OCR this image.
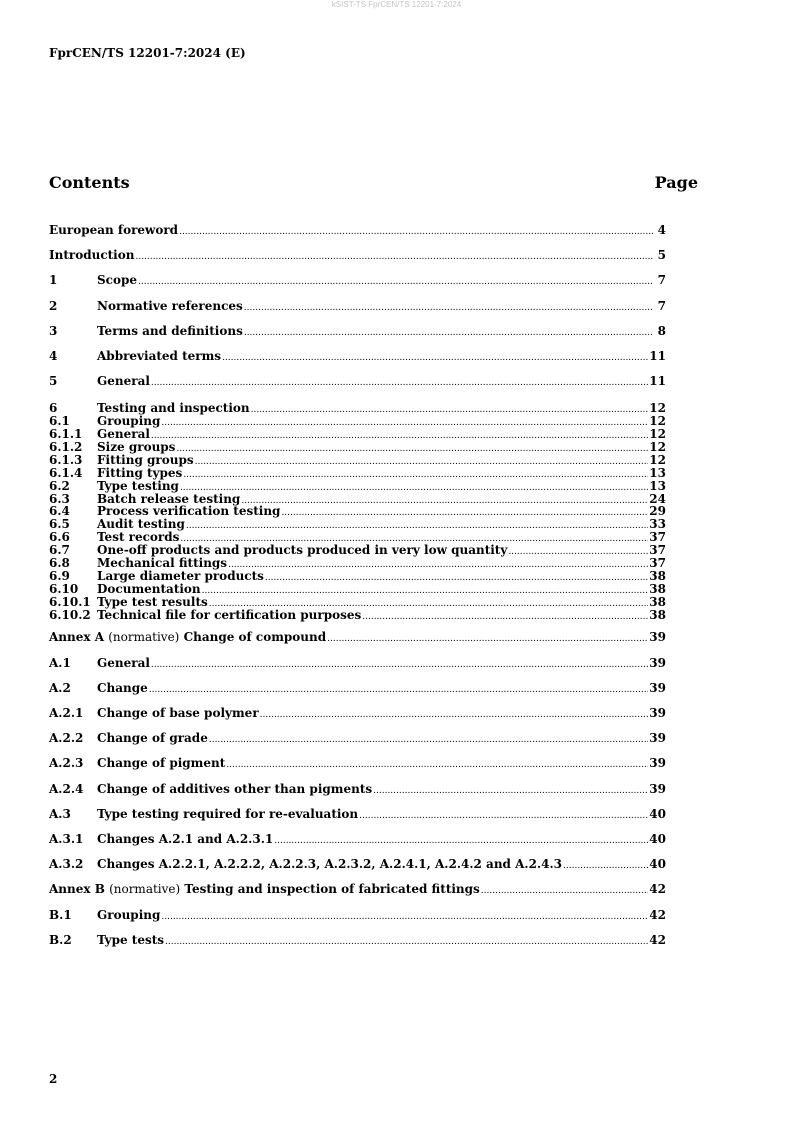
kSIST-TS FprCEN/TS 12201-7:2024
FprCEN/TS 12201-7:2024 (E)
Contents	Page
European foreword .....	4
Introduction .....	5
1	Scope .....	7
2	Normative references .....	7
3	Terms and definitions .....	8
4	Abbreviated terms .....	11
5	General .....	11
6	Testing and inspection .....	12
6.1	Grouping .....	12
6.1.1	General .....	12
6.1.2	Size groups .....	12
6.1.3	Fitting groups .....	12
6.1.4	Fitting types .....	13
6.2	Type testing .....	13
6.3	Batch release testing .....	24
6.4	Process verification testing .....	29
6.5	Audit testing .....	33
6.6	Test records .....	37
6.7	One-off products and products produced in very low quantity .....	37
6.8	Mechanical fittings .....	37
6.9	Large diameter products .....	38
6.10	Documentation .....	38
6.10.1 Type test results .....	38
6.10.2 Technical file for certification purposes .....	38
Annex A (normative) Change of compound .....	39
A.1	General .....	39
A.2	Change .....	39
A.2.1	Change of base polymer .....	39
A.2.2	Change of grade .....	39
A.2.3	Change of pigment .....	39
A.2.4	Change of additives other than pigments .....	39
A.3	Type testing required for re-evaluation .....	40
A.3.1	Changes A.2.1 and A.2.3.1 .....	40
A.3.2	Changes A.2.2.1, A.2.2.2, A.2.2.3, A.2.3.2, A.2.4.1, A.2.4.2 and A.2.4.3 .....	40
Annex B (normative) Testing and inspection of fabricated fittings .....	42
B.1	Grouping .....	42
B.2	Type tests .....	42
2
